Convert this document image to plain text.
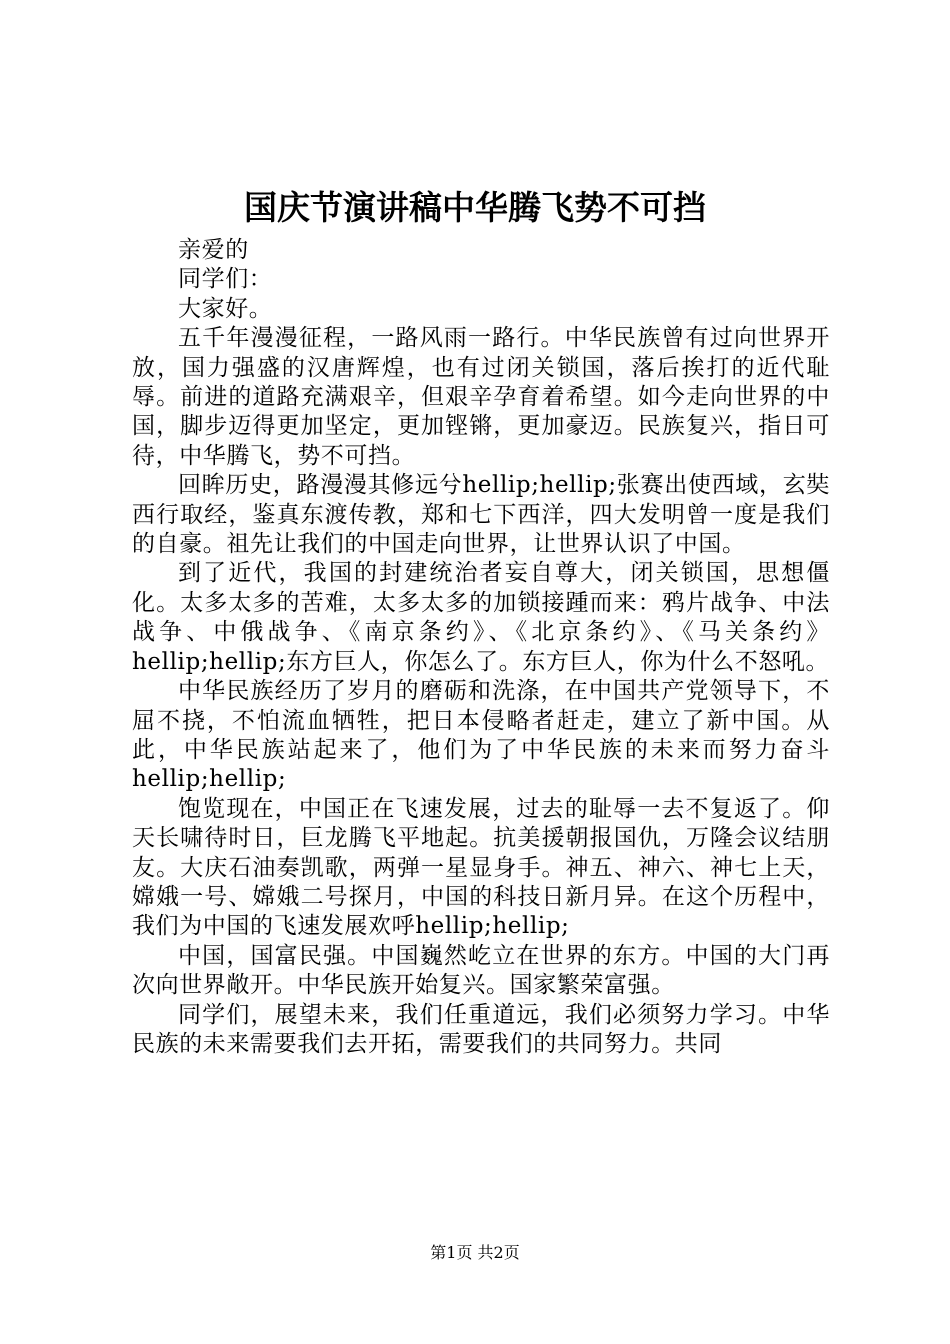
国庆节演讲稿中华腾飞势不可挡

亲爱的

同学们：

大家好。

五千年漫漫征程，一路风雨一路行。中华民族曾有过向世界开放，国力强盛的汉唐辉煌，也有过闭关锁国，落后挨打的近代耻辱。前进的道路充满艰辛，但艰辛孕育着希望。如今走向世界的中国，脚步迈得更加坚定，更加铿锵，更加豪迈。民族复兴，指日可待，中华腾飞，势不可挡。

回眸历史，路漫漫其修远兮hellip;hellip;张赛出使西域，玄奘西行取经，鉴真东渡传教，郑和七下西洋，四大发明曾一度是我们的自豪。祖先让我们的中国走向世界，让世界认识了中国。

到了近代，我国的封建统治者妄自尊大，闭关锁国，思想僵化。太多太多的苦难，太多太多的加锁接踵而来：鸦片战争、中法战争、中俄战争、《南京条约》、《北京条约》、《马关条约》hellip;hellip;东方巨人，你怎么了。东方巨人，你为什么不怒吼。

中华民族经历了岁月的磨砺和洗涤，在中国共产党领导下，不屈不挠，不怕流血牺牲，把日本侵略者赶走，建立了新中国。从此，中华民族站起来了，他们为了中华民族的未来而努力奋斗hellip;hellip;

饱览现在，中国正在飞速发展，过去的耻辱一去不复返了。仰天长啸待时日，巨龙腾飞平地起。抗美援朝报国仇，万隆会议结朋友。大庆石油奏凯歌，两弹一星显身手。神五、神六、神七上天，嫦娥一号、嫦娥二号探月，中国的科技日新月异。在这个历程中，我们为中国的飞速发展欢呼hellip;hellip;

中国，国富民强。中国巍然屹立在世界的东方。中国的大门再次向世界敞开。中华民族开始复兴。国家繁荣富强。

同学们，展望未来，我们任重道远，我们必须努力学习。中华民族的未来需要我们去开拓，需要我们的共同努力。共同

第1页 共2页
